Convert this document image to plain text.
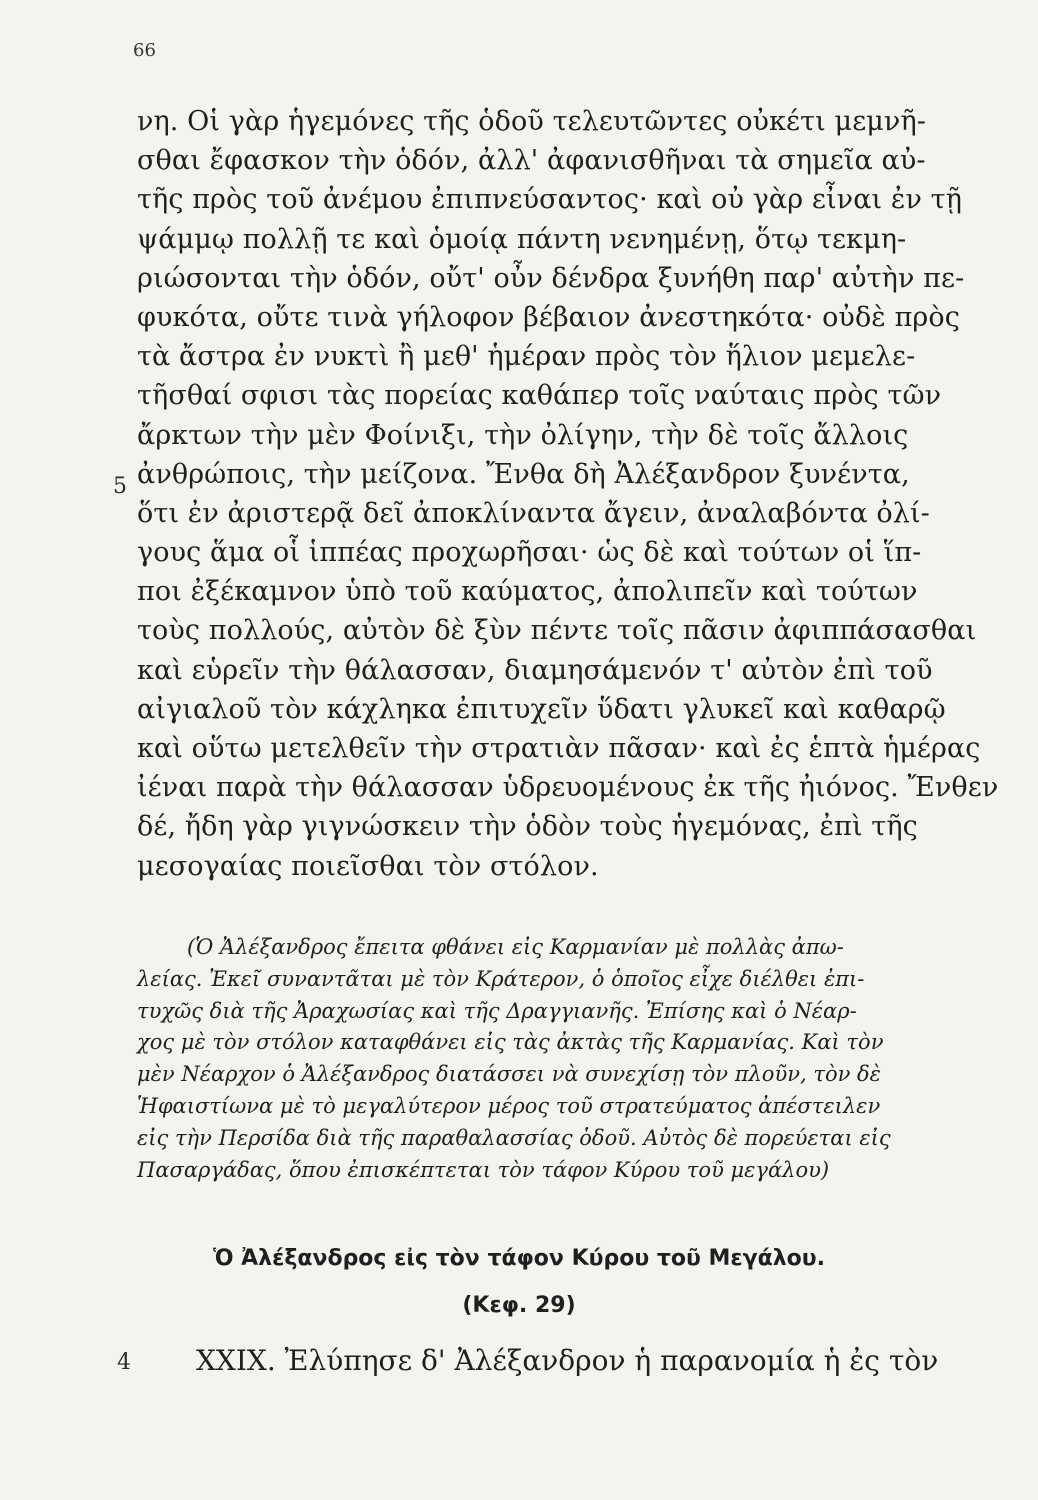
66
νη. Οἱ γὰρ ἡγεμόνες τῆς ὁδοῦ τελευτῶντες οὐκέτι μεμνῆ-
σθαι ἔφασκον τὴν ὁδόν, ἀλλ' ἀφανισθῆναι τὰ σημεῖα αὐ-
τῆς πρὸς τοῦ ἀνέμου ἐπιπνεύσαντος· καὶ οὐ γὰρ εἶναι ἐν τῇ
ψάμμῳ πολλῇ τε καὶ ὁμοίᾳ πάντη νενημένῃ, ὅτῳ τεκμη-
ριώσονται τὴν ὁδόν, οὔτ' οὖν δένδρα ξυνήθη παρ' αὐτὴν πε-
φυκότα, οὔτε τινὰ γήλοφον βέβαιον ἀνεστηκότα· οὐδὲ πρὸς
τὰ ἄστρα ἐν νυκτὶ ἢ μεθ' ἡμέραν πρὸς τὸν ἥλιον μεμελε-
τῆσθαί σφισι τὰς πορείας καθάπερ τοῖς ναύταις πρὸς τῶν
ἄρκτων τὴν μὲν Φοίνιξι, τὴν ὀλίγην, τὴν δὲ τοῖς ἄλλοις
ἀνθρώποις, τὴν μείζονα. Ἔνθα δὴ Ἀλέξανδρον ξυνέντα,
ὅτι ἐν ἀριστερᾷ δεῖ ἀποκλίναντα ἄγειν, ἀναλαβόντα ὀλί-
γους ἅμα οἷ ἱππέας προχωρῆσαι· ὡς δὲ καὶ τούτων οἱ ἵπ-
ποι ἐξέκαμνον ὑπὸ τοῦ καύματος, ἀπολιπεῖν καὶ τούτων
τοὺς πολλούς, αὐτὸν δὲ ξὺν πέντε τοῖς πᾶσιν ἀφιππάσασθαι
καὶ εὑρεῖν τὴν θάλασσαν, διαμησάμενόν τ' αὐτὸν ἐπὶ τοῦ
αἰγιαλοῦ τὸν κάχληκα ἐπιτυχεῖν ὕδατι γλυκεῖ καὶ καθαρῷ
καὶ οὕτω μετελθεῖν τὴν στρατιὰν πᾶσαν· καὶ ἐς ἑπτὰ ἡμέρας
ἰέναι παρὰ τὴν θάλασσαν ὑδρευομένους ἐκ τῆς ἠιόνος. Ἔνθεν
δέ, ἤδη γὰρ γιγνώσκειν τὴν ὁδὸν τοὺς ἡγεμόνας, ἐπὶ τῆς
μεσογαίας ποιεῖσθαι τὸν στόλον.
5
(Ὁ Ἀλέξανδρος ἔπειτα φθάνει εἰς Καρμανίαν μὲ πολλὰς ἀπω-
λείας. Ἐκεῖ συναντᾶται μὲ τὸν Κράτερον, ὁ ὁποῖος εἶχε διέλθει ἐπι-
τυχῶς διὰ τῆς Ἀραχωσίας καὶ τῆς Δραγγιανῆς. Ἐπίσης καὶ ὁ Νέαρ-
χος μὲ τὸν στόλον καταφθάνει εἰς τὰς ἀκτὰς τῆς Καρμανίας. Καὶ τὸν
μὲν Νέαρχον ὁ Ἀλέξανδρος διατάσσει νὰ συνεχίσῃ τὸν πλοῦν, τὸν δὲ
Ἡφαιστίωνα μὲ τὸ μεγαλύτερον μέρος τοῦ στρατεύματος ἀπέστειλεν
εἰς τὴν Περσίδα διὰ τῆς παραθαλασσίας ὁδοῦ. Αὐτὸς δὲ πορεύεται εἰς
Πασαργάδας, ὅπου ἐπισκέπτεται τὸν τάφον Κύρου τοῦ μεγάλου)
Ὁ Ἀλέξανδρος εἰς τὸν τάφον Κύρου τοῦ Μεγάλου.
(Κεφ. 29)
4 XXIX. Ἐλύπησε δ' Ἀλέξανδρον ἡ παρανομία ἡ ἐς τὸν
